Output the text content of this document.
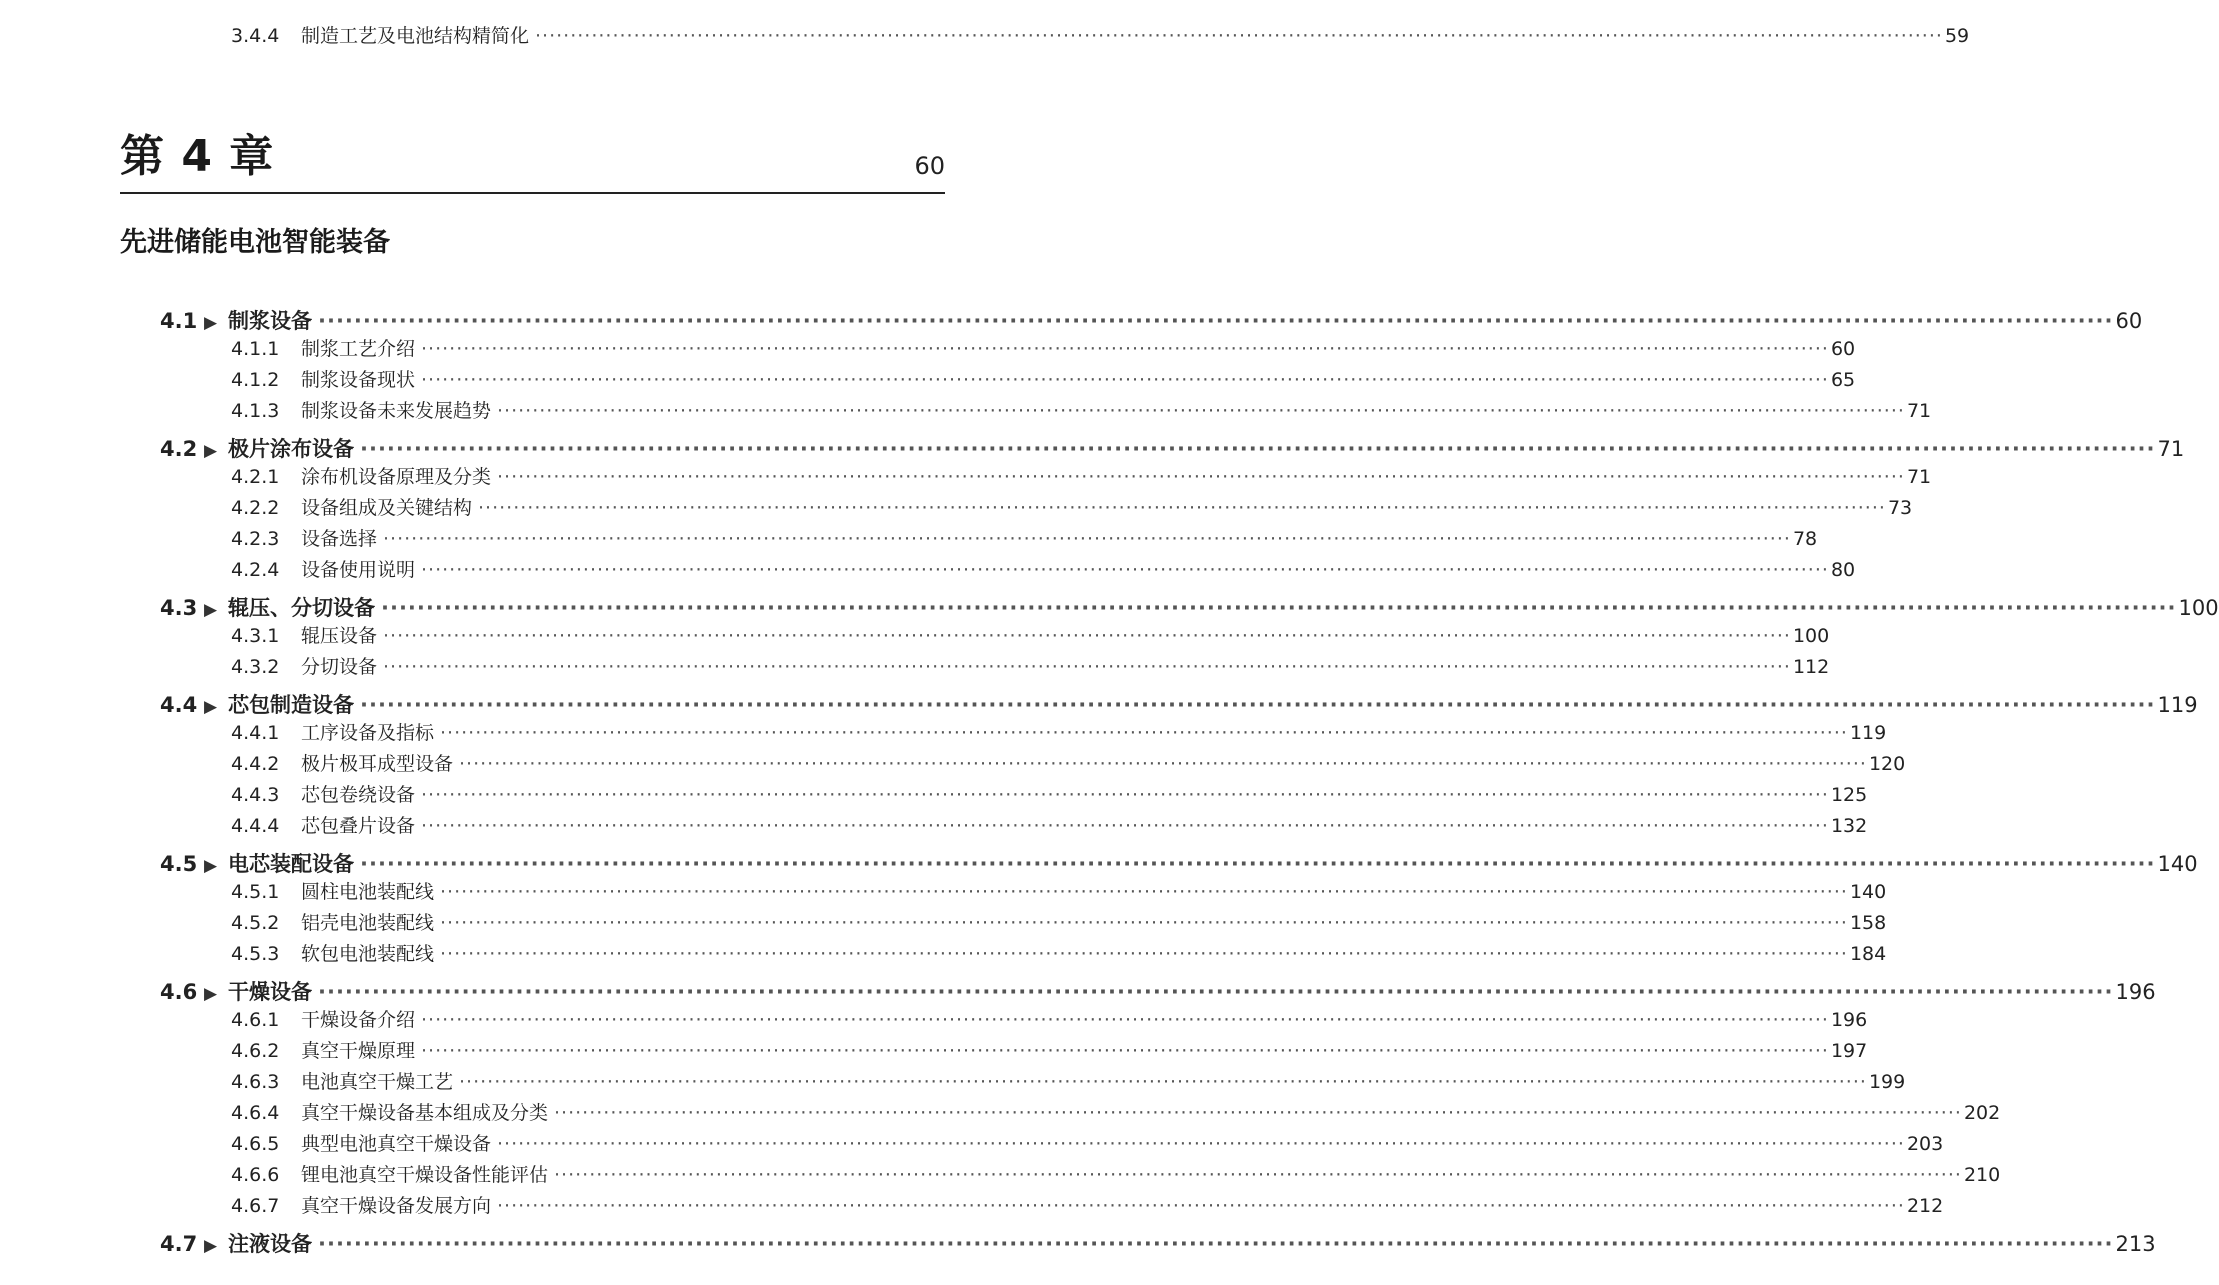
3.4.4	制造工艺及电池结构精简化 ········································································································································································································ 59
第 4 章	60
先进储能电池智能装备
4.1 ▶ 制浆设备 ········································································································································································································ 60
4.1.1	制浆工艺介绍 ········································································································································································································ 60
4.1.2	制浆设备现状 ········································································································································································································ 65
4.1.3	制浆设备未来发展趋势 ········································································································································································································ 71
4.2 ▶ 极片涂布设备 ········································································································································································································ 71
4.2.1	涂布机设备原理及分类 ········································································································································································································ 71
4.2.2	设备组成及关键结构 ········································································································································································································ 73
4.2.3	设备选择 ········································································································································································································ 78
4.2.4	设备使用说明 ········································································································································································································ 80
4.3 ▶ 辊压、分切设备 ········································································································································································································ 100
4.3.1	辊压设备 ········································································································································································································ 100
4.3.2	分切设备 ········································································································································································································ 112
4.4 ▶ 芯包制造设备 ········································································································································································································ 119
4.4.1	工序设备及指标 ········································································································································································································ 119
4.4.2	极片极耳成型设备 ········································································································································································································ 120
4.4.3	芯包卷绕设备 ········································································································································································································ 125
4.4.4	芯包叠片设备 ········································································································································································································ 132
4.5 ▶ 电芯装配设备 ········································································································································································································ 140
4.5.1	圆柱电池装配线 ········································································································································································································ 140
4.5.2	铝壳电池装配线 ········································································································································································································ 158
4.5.3	软包电池装配线 ········································································································································································································ 184
4.6 ▶ 干燥设备 ········································································································································································································ 196
4.6.1	干燥设备介绍 ········································································································································································································ 196
4.6.2	真空干燥原理 ········································································································································································································ 197
4.6.3	电池真空干燥工艺 ········································································································································································································ 199
4.6.4	真空干燥设备基本组成及分类 ········································································································································································································ 202
4.6.5	典型电池真空干燥设备 ········································································································································································································ 203
4.6.6	锂电池真空干燥设备性能评估 ········································································································································································································ 210
4.6.7	真空干燥设备发展方向 ········································································································································································································ 212
4.7 ▶ 注液设备 ········································································································································································································ 213
